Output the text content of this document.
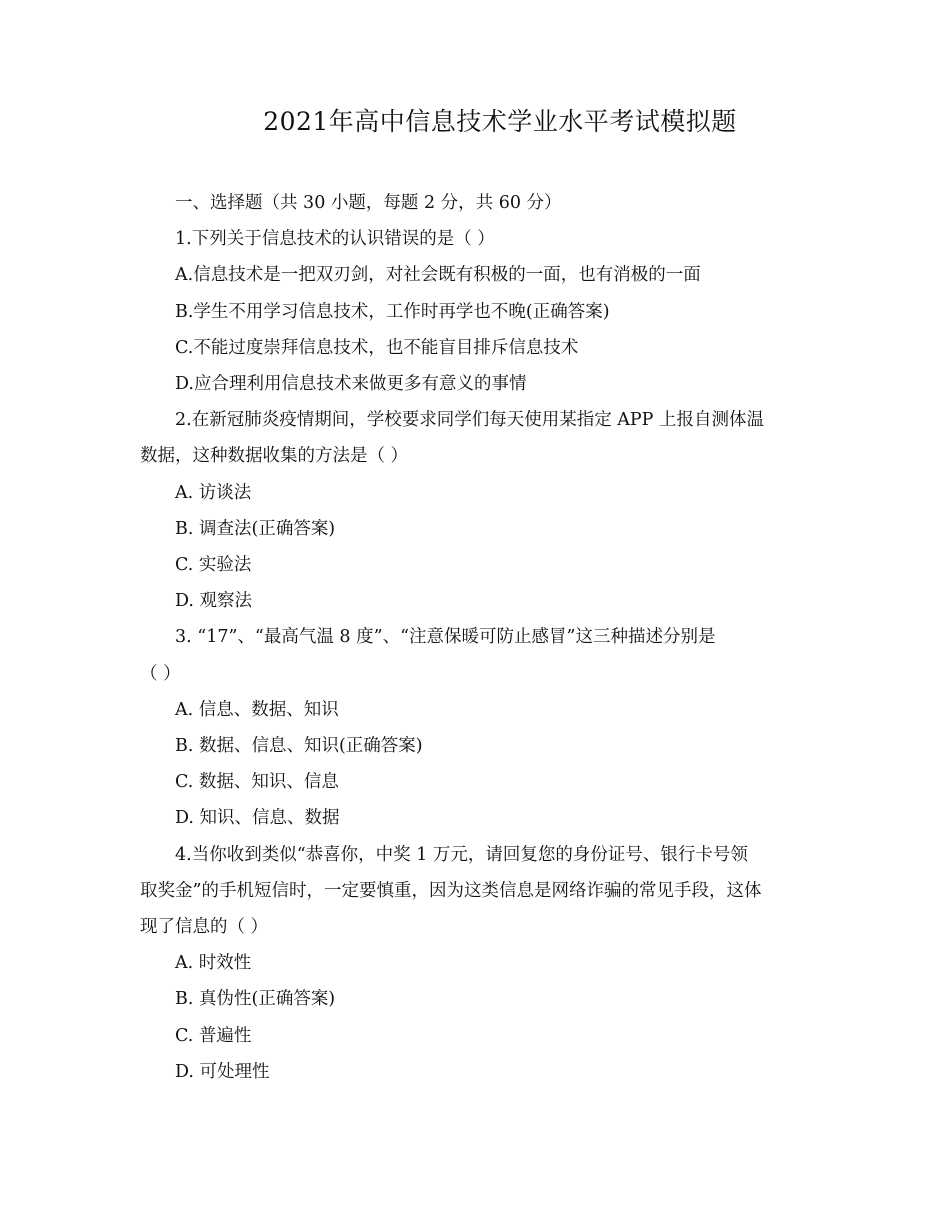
2021年高中信息技术学业水平考试模拟题
一、选择题（共 30 小题，每题 2 分，共 60 分）
1.下列关于信息技术的认识错误的是（ ）
A.信息技术是一把双刃剑，对社会既有积极的一面，也有消极的一面
B.学生不用学习信息技术，工作时再学也不晚(正确答案)
C.不能过度崇拜信息技术，也不能盲目排斥信息技术
D.应合理利用信息技术来做更多有意义的事情
2.在新冠肺炎疫情期间，学校要求同学们每天使用某指定 APP 上报自测体温
数据，这种数据收集的方法是（ ）
A. 访谈法
B. 调查法(正确答案)
C. 实验法
D. 观察法
3. “17”、“最高气温 8 度”、“注意保暖可防止感冒”这三种描述分别是
（ ）
A. 信息、数据、知识
B. 数据、信息、知识(正确答案)
C. 数据、知识、信息
D. 知识、信息、数据
4.当你收到类似“恭喜你，中奖 1 万元，请回复您的身份证号、银行卡号领
取奖金”的手机短信时，一定要慎重，因为这类信息是网络诈骗的常见手段，这体
现了信息的（ ）
A. 时效性
B. 真伪性(正确答案)
C. 普遍性
D. 可处理性
